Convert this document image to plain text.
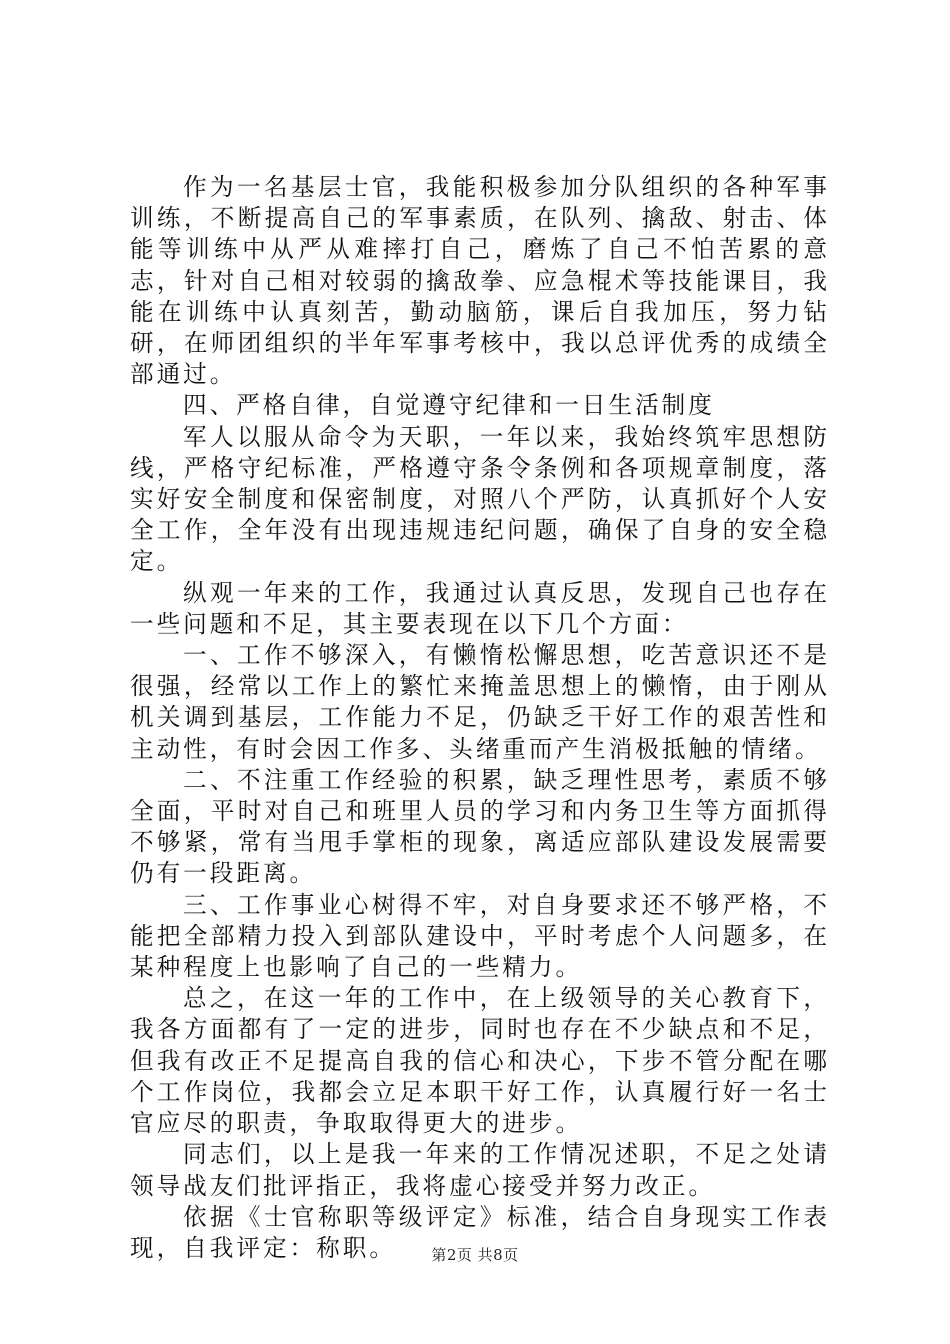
作为一名基层士官，我能积极参加分队组织的各种军事训练，不断提高自己的军事素质，在队列、擒敌、射击、体能等训练中从严从难摔打自己，磨炼了自己不怕苦累的意志，针对自己相对较弱的擒敌拳、应急棍术等技能课目，我能在训练中认真刻苦，勤动脑筋，课后自我加压，努力钻研，在师团组织的半年军事考核中，我以总评优秀的成绩全部通过。

四、严格自律，自觉遵守纪律和一日生活制度

军人以服从命令为天职，一年以来，我始终筑牢思想防线，严格守纪标准，严格遵守条令条例和各项规章制度，落实好安全制度和保密制度，对照八个严防，认真抓好个人安全工作，全年没有出现违规违纪问题，确保了自身的安全稳定。

纵观一年来的工作，我通过认真反思，发现自己也存在一些问题和不足，其主要表现在以下几个方面：

一、工作不够深入，有懒惰松懈思想，吃苦意识还不是很强，经常以工作上的繁忙来掩盖思想上的懒惰，由于刚从机关调到基层，工作能力不足，仍缺乏干好工作的艰苦性和主动性，有时会因工作多、头绪重而产生消极抵触的情绪。

二、不注重工作经验的积累，缺乏理性思考，素质不够全面，平时对自己和班里人员的学习和内务卫生等方面抓得不够紧，常有当甩手掌柜的现象，离适应部队建设发展需要仍有一段距离。

三、工作事业心树得不牢，对自身要求还不够严格，不能把全部精力投入到部队建设中，平时考虑个人问题多，在某种程度上也影响了自己的一些精力。

总之，在这一年的工作中，在上级领导的关心教育下，我各方面都有了一定的进步，同时也存在不少缺点和不足，但我有改正不足提高自我的信心和决心，下步不管分配在哪个工作岗位，我都会立足本职干好工作，认真履行好一名士官应尽的职责，争取取得更大的进步。

同志们，以上是我一年来的工作情况述职，不足之处请领导战友们批评指正，我将虚心接受并努力改正。

依据《士官称职等级评定》标准，结合自身现实工作表现，自我评定：称职。	第2页 共8页
